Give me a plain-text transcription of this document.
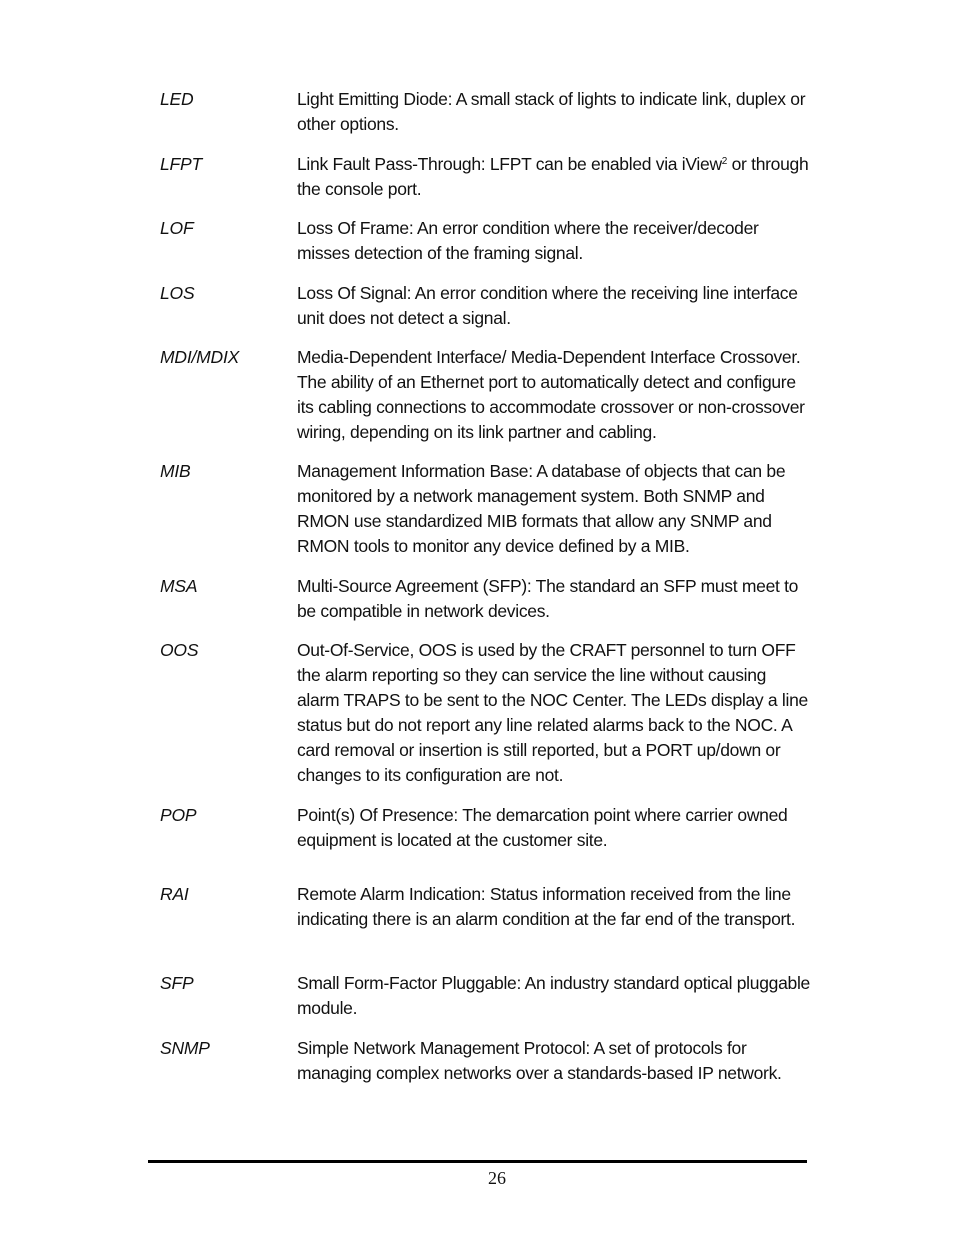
LED	Light Emitting Diode: A small stack of lights to indicate link, duplex or other options.
LFPT	Link Fault Pass-Through: LFPT can be enabled via iView$^2$ or through the console port.
LOF	Loss Of Frame: An error condition where the receiver/decoder misses detection of the framing signal.
LOS	Loss Of Signal: An error condition where the receiving line interface unit does not detect a signal.
MDI/MDIX	Media-Dependent Interface/ Media-Dependent Interface Crossover. The ability of an Ethernet port to automatically detect and configure its cabling connections to accommodate crossover or non-crossover wiring, depending on its link partner and cabling.
MIB	Management Information Base: A database of objects that can be monitored by a network management system. Both SNMP and RMON use standardized MIB formats that allow any SNMP and RMON tools to monitor any device defined by a MIB.
MSA	Multi-Source Agreement (SFP): The standard an SFP must meet to be compatible in network devices.
OOS	Out-Of-Service, OOS is used by the CRAFT personnel to turn OFF the alarm reporting so they can service the line without causing alarm TRAPS to be sent to the NOC Center. The LEDs display a line status but do not report any line related alarms back to the NOC. A card removal or insertion is still reported, but a PORT up/down or changes to its configuration are not.
POP	Point(s) Of Presence: The demarcation point where carrier owned equipment is located at the customer site.
RAI	Remote Alarm Indication: Status information received from the line indicating there is an alarm condition at the far end of the transport.
SFP	Small Form-Factor Pluggable: An industry standard optical pluggable module.
SNMP	Simple Network Management Protocol: A set of protocols for managing complex networks over a standards-based IP network.
26
